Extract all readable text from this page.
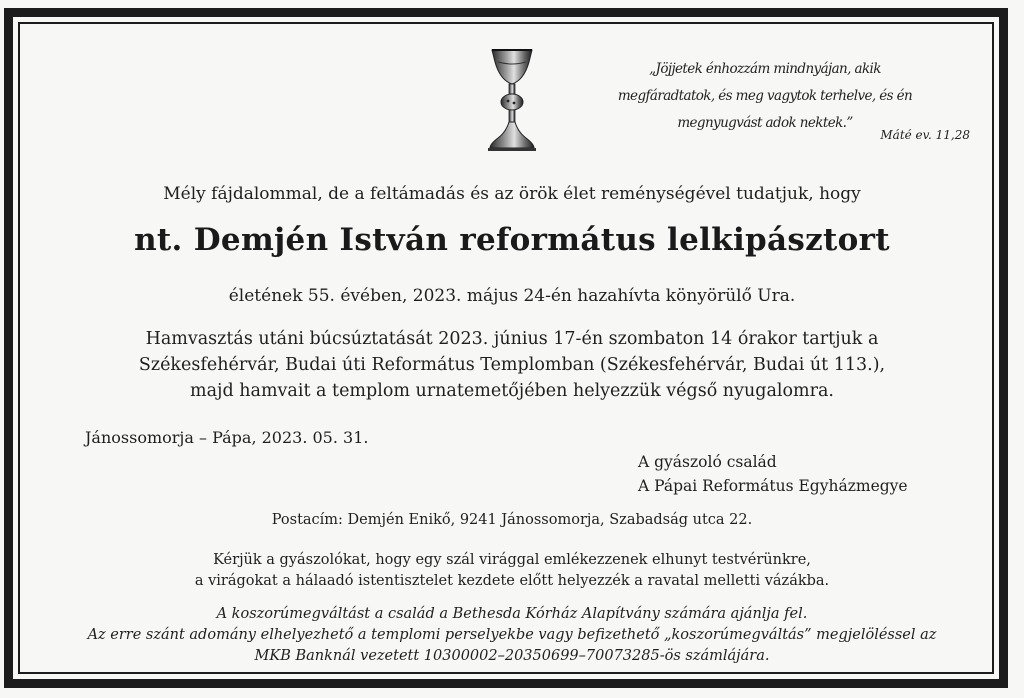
„Jöjjetek énhozzám mindnyájan, akik
megfáradtatok, és meg vagytok terhelve, és én
megnyugvást adok nektek.”
Máté ev. 11,28
Mély fájdalommal, de a feltámadás és az örök élet reménységével tudatjuk, hogy
nt. Demjén István református lelkipásztort
életének 55. évében, 2023. május 24-én hazahívta könyörülő Ura.
Hamvasztás utáni búcsúztatását 2023. június 17-én szombaton 14 órakor tartjuk a
Székesfehérvár, Budai úti Református Templomban (Székesfehérvár, Budai út 113.),
majd hamvait a templom urnatemetőjében helyezzük végső nyugalomra.
Jánossomorja – Pápa, 2023. 05. 31.
A gyászoló család
A Pápai Református Egyházmegye
Postacím: Demjén Enikő, 9241 Jánossomorja, Szabadság utca 22.
Kérjük a gyászolókat, hogy egy szál virággal emlékezzenek elhunyt testvérünkre,
a virágokat a hálaadó istentisztelet kezdete előtt helyezzék a ravatal melletti vázákba.
A koszorúmegváltást a család a Bethesda Kórház Alapítvány számára ajánlja fel.
Az erre szánt adomány elhelyezhető a templomi perselyekbe vagy befizethető „koszorúmegváltás” megjelöléssel az
MKB Banknál vezetett 10300002–20350699–70073285-ös számlájára.
